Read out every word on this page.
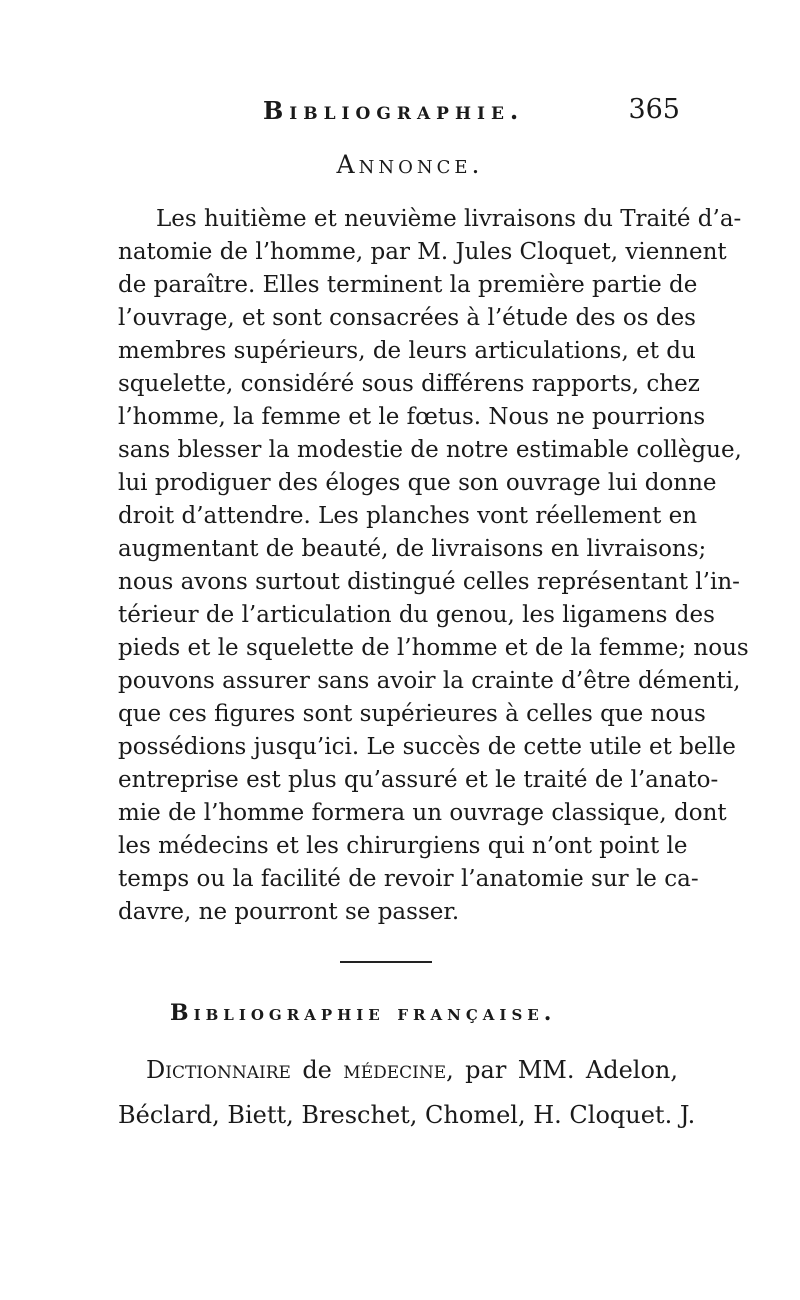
Bibliographie.	365
Annonce.
Les huitième et neuvième livraisons du Traité d’a-
natomie de l’homme, par M. Jules Cloquet, viennent
de paraître. Elles terminent la première partie de
l’ouvrage, et sont consacrées à l’étude des os des
membres supérieurs, de leurs articulations, et du
squelette, considéré sous différens rapports, chez
l’homme, la femme et le fœtus. Nous ne pourrions
sans blesser la modestie de notre estimable collègue,
lui prodiguer des éloges que son ouvrage lui donne
droit d’attendre. Les planches vont réellement en
augmentant de beauté, de livraisons en livraisons;
nous avons surtout distingué celles représentant l’in-
térieur de l’articulation du genou, les ligamens des
pieds et le squelette de l’homme et de la femme; nous
pouvons assurer sans avoir la crainte d’être démenti,
que ces figures sont supérieures à celles que nous
possédions jusqu’ici. Le succès de cette utile et belle
entreprise est plus qu’assuré et le traité de l’anato-
mie de l’homme formera un ouvrage classique, dont
les médecins et les chirurgiens qui n’ont point le
temps ou la facilité de revoir l’anatomie sur le ca-
davre, ne pourront se passer.
Bibliographie française.
Dictionnaire de médecine, par MM. Adelon,
Béclard, Biett, Breschet, Chomel, H. Cloquet. J.
